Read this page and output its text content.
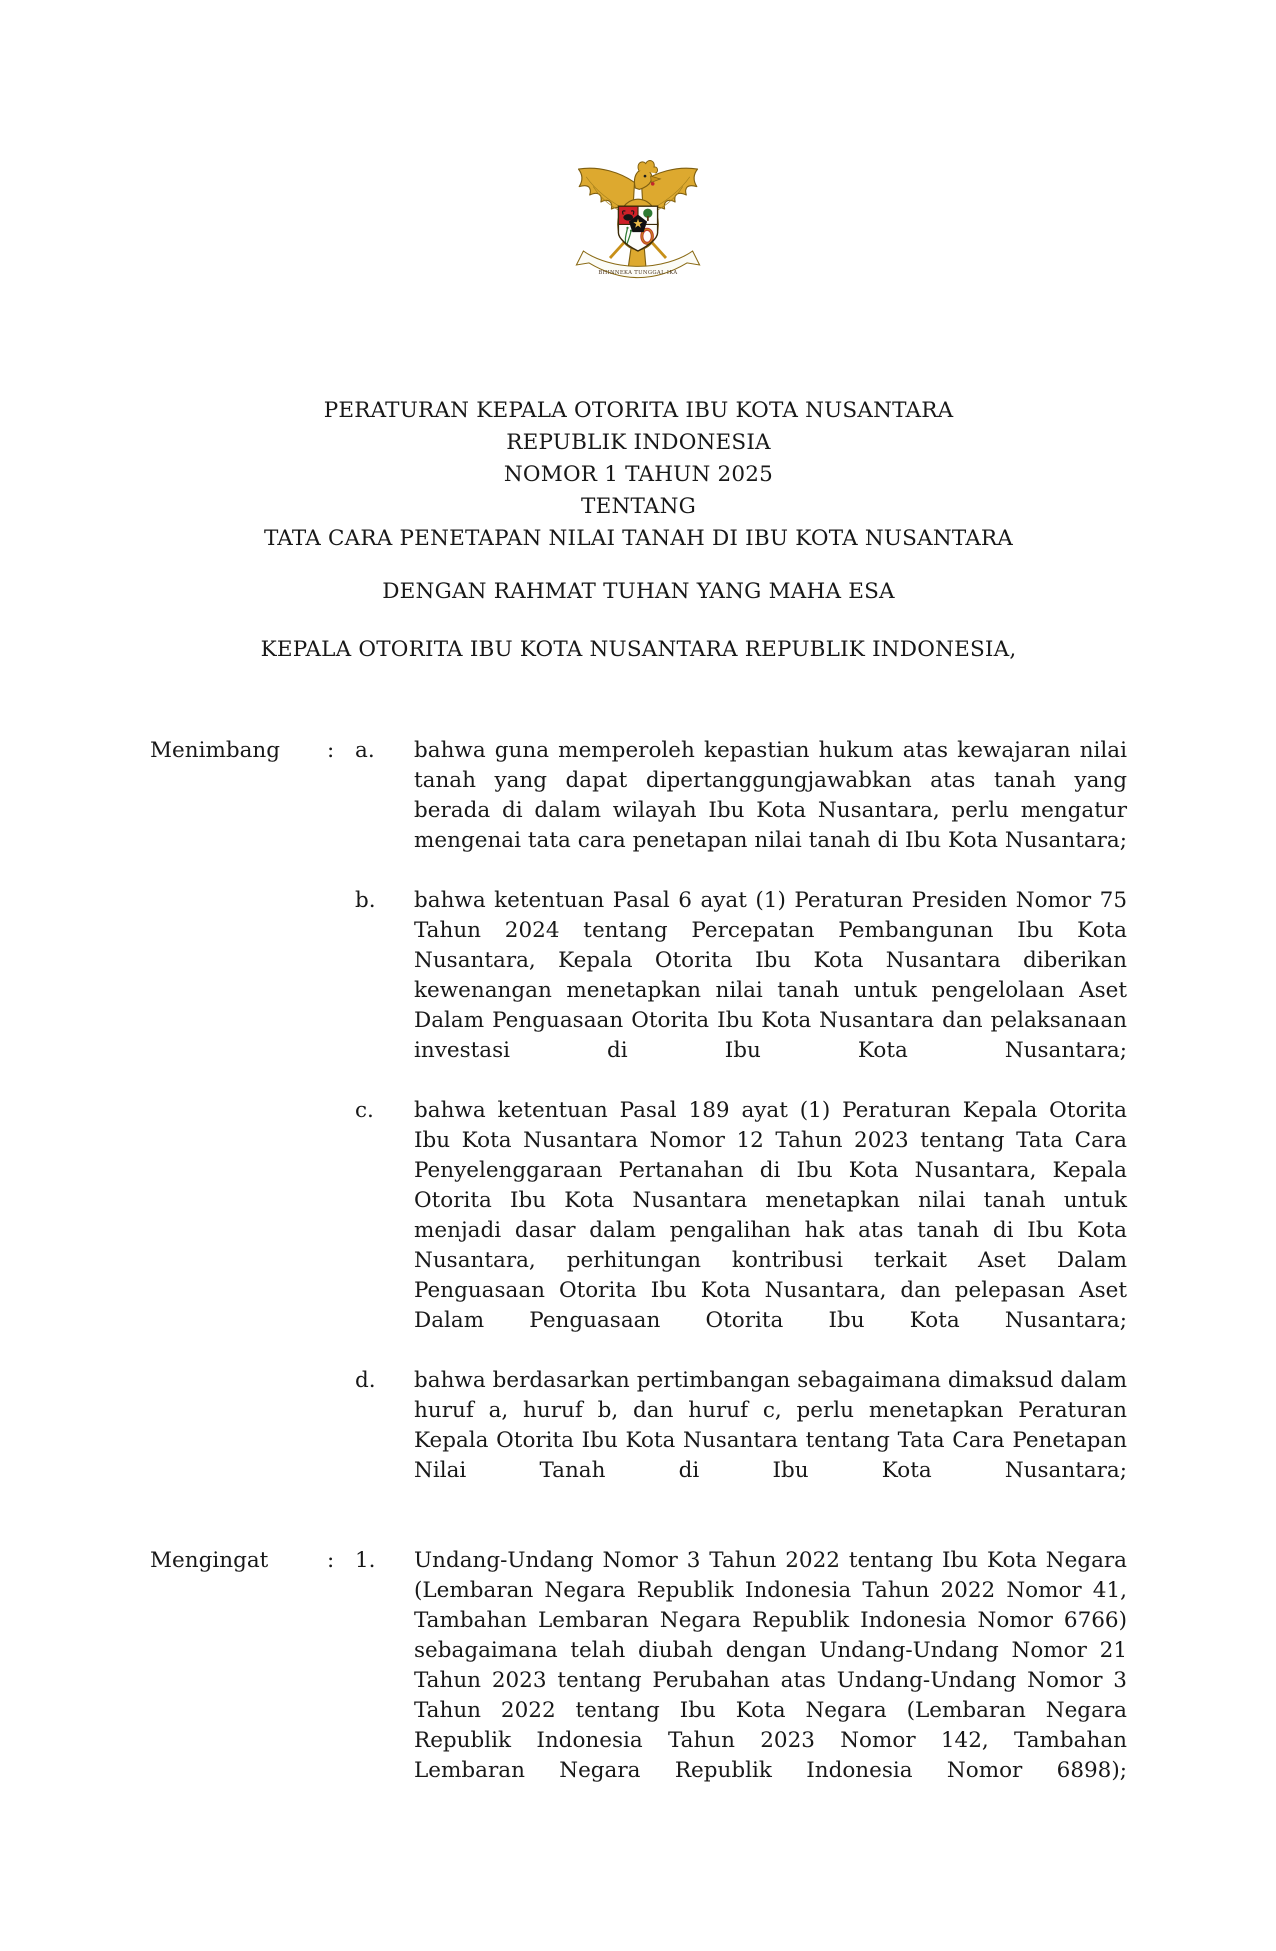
BHINNEKA TUNGGAL IKA
PERATURAN KEPALA OTORITA IBU KOTA NUSANTARA
REPUBLIK INDONESIA
NOMOR 1 TAHUN 2025
TENTANG
TATA CARA PENETAPAN NILAI TANAH DI IBU KOTA NUSANTARA
DENGAN RAHMAT TUHAN YANG MAHA ESA
KEPALA OTORITA IBU KOTA NUSANTARA REPUBLIK INDONESIA,
Menimbang	: a.	bahwa guna memperoleh kepastian hukum atas kewajaran nilai tanah yang dapat dipertanggungjawabkan atas tanah yang berada di dalam wilayah Ibu Kota Nusantara, perlu mengatur mengenai tata cara penetapan nilai tanah di Ibu Kota Nusantara;
b.	bahwa ketentuan Pasal 6 ayat (1) Peraturan Presiden Nomor 75 Tahun 2024 tentang Percepatan Pembangunan Ibu Kota Nusantara, Kepala Otorita Ibu Kota Nusantara diberikan kewenangan menetapkan nilai tanah untuk pengelolaan Aset Dalam Penguasaan Otorita Ibu Kota Nusantara dan pelaksanaan investasi di Ibu Kota Nusantara;
c.	bahwa ketentuan Pasal 189 ayat (1) Peraturan Kepala Otorita Ibu Kota Nusantara Nomor 12 Tahun 2023 tentang Tata Cara Penyelenggaraan Pertanahan di Ibu Kota Nusantara, Kepala Otorita Ibu Kota Nusantara menetapkan nilai tanah untuk menjadi dasar dalam pengalihan hak atas tanah di Ibu Kota Nusantara, perhitungan kontribusi terkait Aset Dalam Penguasaan Otorita Ibu Kota Nusantara, dan pelepasan Aset Dalam Penguasaan Otorita Ibu Kota Nusantara;
d.	bahwa berdasarkan pertimbangan sebagaimana dimaksud dalam huruf a, huruf b, dan huruf c, perlu menetapkan Peraturan Kepala Otorita Ibu Kota Nusantara tentang Tata Cara Penetapan Nilai Tanah di Ibu Kota Nusantara;
Mengingat	: 1.	Undang-Undang Nomor 3 Tahun 2022 tentang Ibu Kota Negara (Lembaran Negara Republik Indonesia Tahun 2022 Nomor 41, Tambahan Lembaran Negara Republik Indonesia Nomor 6766) sebagaimana telah diubah dengan Undang-Undang Nomor 21 Tahun 2023 tentang Perubahan atas Undang-Undang Nomor 3 Tahun 2022 tentang Ibu Kota Negara (Lembaran Negara Republik Indonesia Tahun 2023 Nomor 142, Tambahan Lembaran Negara Republik Indonesia Nomor 6898);
